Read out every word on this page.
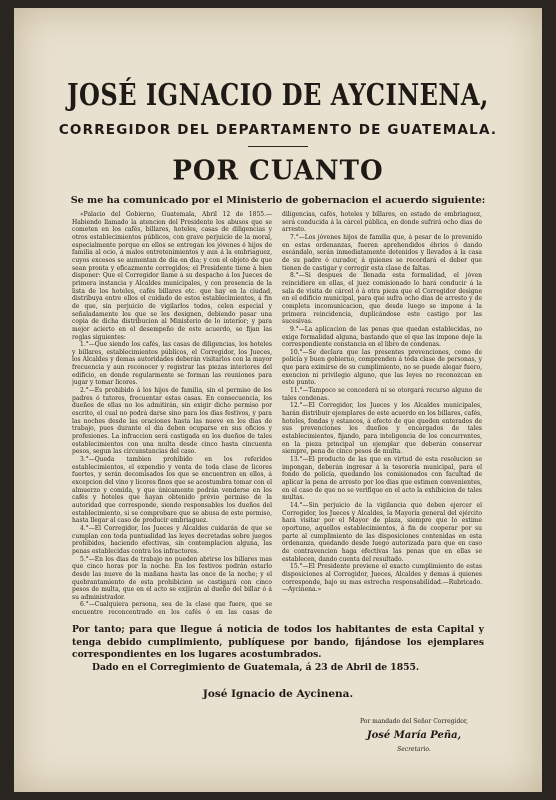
JOSÉ IGNACIO DE AYCINENA,
CORREGIDOR DEL DEPARTAMENTO DE GUATEMALA.
POR CUANTO
Se me ha comunicado por el Ministerio de gobernacion el acuerdo siguiente:

«Palacio del Gobierno, Guatemala, Abril 12 de 1855.—Habiendo llamado la atencion del Presidente los abusos que se cometen en los cafés, billares, hoteles, casas de diligencias y otros establecimientos públicos, con grave perjuicio de la moral, especialmente porque en ellos se entregan los jóvenes é hijos de familia al ocio, á malos entretenimientos y aun á la embriaguez, cuyos excesos se aumentan de dia en dia; y con el objeto de que sean pronta y eficazmente corregidos; el Presidente tiene á bien disponer: Que el Corregidor llame á su despacho á los Jueces de primera instancia y Alcaldes municipales, y con presencia de la lista de los hoteles, cafés billares etc. que hay en la ciudad, distribuya entre ellos el cuidado de estos establecimientos, á fin de que, sin perjuicio de vigilarlos todos, celen especial y señaladamente los que se les designen, debiendo pasar una copia de dicha distribucion al Ministerio de lo interior; y para mejor acierto en el desempeño de este acuerdo, se fijan las reglas siguientes:

1.°—Que siendo los cafés, las casas de diligencias, los hoteles y billares, establecimientos públicos, el Corregidor, los Jueces, los Alcaldes y demas autoridades deberán visitarlos con la mayor frecuencia y aun reconocer y registrar las piezas interiores del edificio, en donde regularmente se forman las reuniones para jugar y tomar licores.

2.°—Es prohibido á los hijos de familia, sin el permiso de los padres ó tutores, frecuentar estas casas. En consecuencia, los dueños de ellas no los admitirán, sin exigir dicho permiso por escrito, el cual no podrá darse sino para los dias festivos, y para las noches desde las oraciones hasta las nueve en los dias de trabajo, pues durante el dia deben ocuparse en sus oficios y profesiones. La infraccion será castigada en los dueños de tales establecimientos con una multa desde cinco hasta cincuenta pesos, segun las circunstancias del caso.

3.°—Queda tambien prohibido en los referidos establecimientos, el expendio y venta de toda clase de licores fuertes, y serán decomisados los que se encuentren en ellos, á excepcion del vino y licores finos que se acostumbra tomar con el almuerzo y comida, y que únicamente podrán venderse en los cafés y hoteles que hayan obtenido prévio permiso de la autoridad que corresponde, siendo responsables los dueños del establecimiento, si se comprobare que se abusa de este permiso, hasta llegar al caso de producir embriaguez.

4.°—El Corregidor, los Jueces y Alcaldes cuidarán de que se cumplan con toda puntualidad las leyes decretadas sobre juegos prohibidos, haciendo efectivas, sin contemplacion alguna, las penas establecidas contra los infractores.

5.°—En los dias de trabajo no pueden abrirse los billares mas que cinco horas por la noche. En los festivos podrán estarlo desde las nueve de la mañana hasta las once de la noche; y el quebrantamiento de esta prohibicion se castigará con cinco pesos de multa, que en el acto se exijirán al dueño del billar ó á su administrador.

6.°—Cualquiera persona, sea de la clase que fuere, que se encuentre reconcentrado en los cafés ó en las casas de diligencias, cafés, hoteles y billares, en estado de embriaguez, será conducida á la cárcel pública, en donde sufrirá ocho dias de arresto.

7.°—Los jóvenes hijos de familia que, á pesar de lo prevenido en estas ordenanzas, fueren aprehendidos ébrios ó dando escándalo, serán inmediatamente detenidos y llevados á la casa de su padre ó curador, á quienes se recordará el deber que tienen de castigar y corregir esta clase de faltas.

8.°—Si despues de llenada esta formalidad, el jóven reincidiere en ellas, el juez comisionado lo hará conducir á la sala de visita de cárcel ó á otra pieza que el Corregidor designe en el edificio municipal, para que sufra ocho dias de arresto y de completa incomunicacion, que desde luego se impone á la primera reincidencia, duplicándose este castigo por las sucesivas.

9.°—La aplicacion de las penas que quedan establecidas, no exige formalidad alguna, bastando que el que las impone deje la correspondiente constancia en el libro de condenas.

10.°—Se declara que las presentes prevenciones, como de policía y buen gobierno, comprenden á toda clase de personas, y que para eximirse de su cumplimiento, no se puede alegar fuero, exencion ni privilegio alguno, que las leyes no reconozcan en este punto.

11.°—Tampoco se concederá ni se otorgará recurso alguno de tales condenas.

12.°—El Corregidor, los Jueces y los Alcaldes municipales, harán distribuir ejemplares de este acuerdo en los billares, cafés, hoteles, fondas y estancos, á efecto de que queden enterados de sus prevenciones los dueños y encargados de tales establecimientos, fijando, para inteligencia de los concurrentes, en la pieza principal un ejemplar que deberán conservar siempre, pena de cinco pesos de multa.

13.°—El producto de las que en virtud de esta resolucion se impongan, deberán ingresar á la tesorería municipal, para el fondo de policía, quedando los comisionados con facultad de aplicar la pena de arresto por los dias que estimen convenientes, en el caso de que no se verifique en el acto la exhibicion de tales multas.

14.°—Sin perjuicio de la vigilancia que deben ejercer el Corregidor, los Jueces y Alcaldes, la Mayoría general del ejército hará visitar por el Mayor de plaza, siempre que lo estime oportuno, aquellos establecimientos, á fin de cooperar por su parte al cumplimiento de las disposiciones contenidas en esta ordenanza, quedando desde luego autorizada para que en caso de contravencion haga efectivas las penas que en ellas se establecen, dando cuenta del resultado.

15.°—El Presidente previene el exacto cumplimiento de estas disposiciones al Corregidor, Jueces, Alcaldes y demas á quienes corresponde, bajo su mas estrecha responsabilidad.—Rubricado.—Aycinena.»

Por tanto; para que llegue á noticia de todos los habitantes de esta Capital y tenga debido cumplimiento, publíquese por bando, fijándose los ejemplares correspondientes en los lugares acostumbrados.
Dado en el Corregimiento de Guatemala, á 23 de Abril de 1855.
José Ignacio de Aycinena.
Por mandado del Señor Corregidor,
José María Peña,
Secretario.
